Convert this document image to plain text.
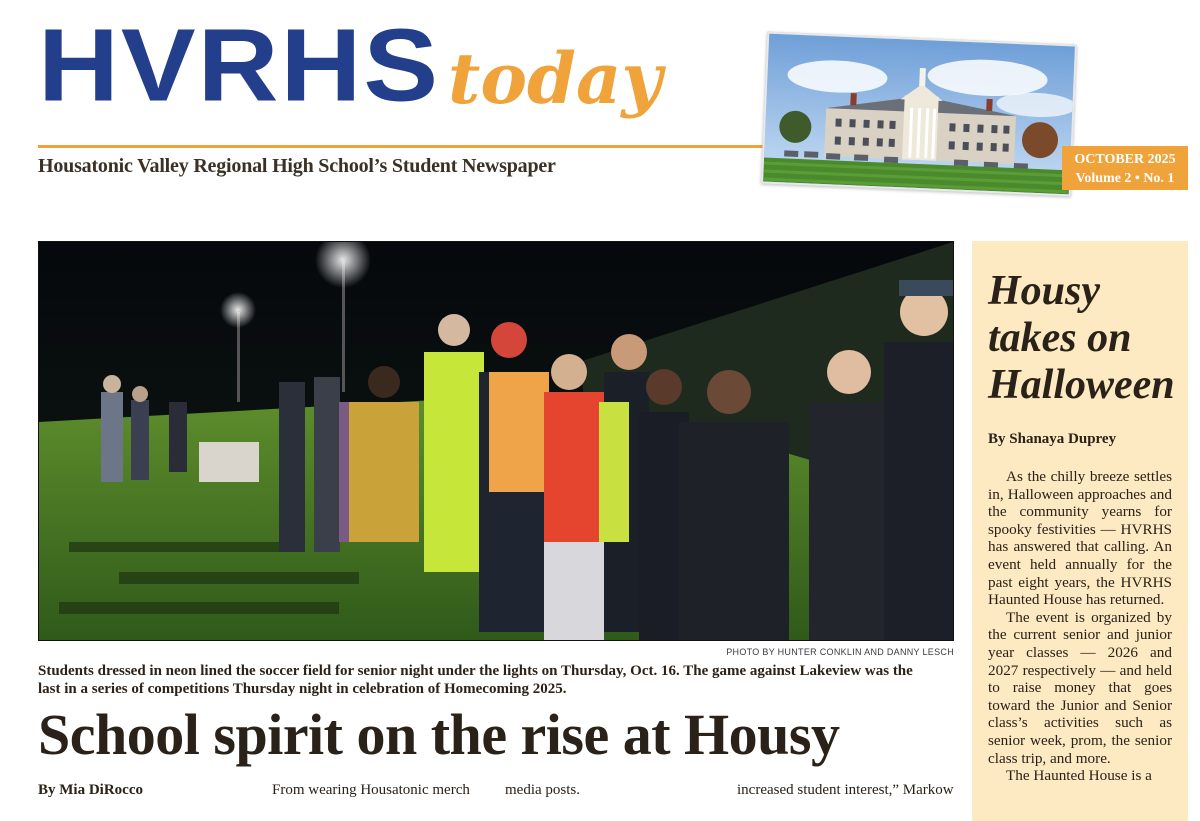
HVRHS today
Housatonic Valley Regional High School’s Student Newspaper	OCTOBER 2025
Volume 2 • No. 1
PHOTO BY HUNTER CONKLIN AND DANNY LESCH
Students dressed in neon lined the soccer field for senior night under the lights on Thursday, Oct. 16. The game against Lakeview was the last in a series of competitions Thursday night in celebration of Homecoming 2025.
School spirit on the rise at Housy
By Mia DiRocco	From wearing Housatonic merch media posts.	increased student interest,” Markow
Housy takes on Halloween
By Shanaya Duprey

As the chilly breeze settles in, Halloween approaches and the community yearns for spooky festivities — HVRHS has answered that calling. An event held annually for the past eight years, the HVRHS Haunted House has returned.

The event is organized by the current senior and junior year classes — 2026 and 2027 respectively — and held to raise money that goes toward the Junior and Senior class’s activities such as senior week, prom, the senior class trip, and more.

The Haunted House is a
